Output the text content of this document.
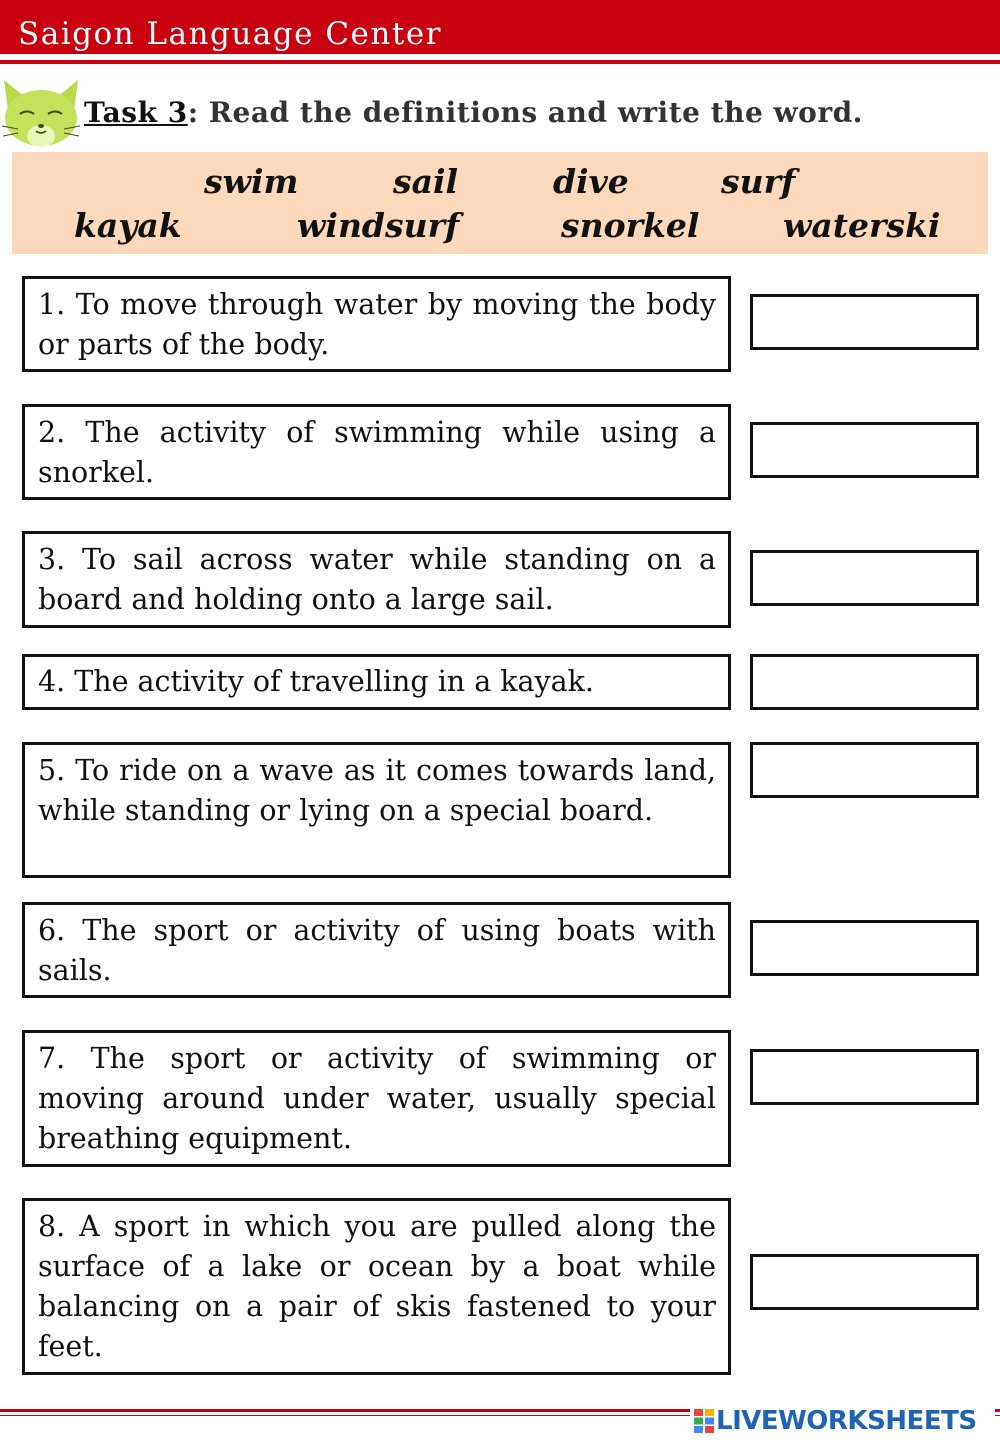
Saigon Language Center
Task 3: Read the definitions and write the word.
swim	sail	dive	surf
kayak	windsurf	snorkel	waterski
1. To move through water by moving the body or parts of the body.
2. The activity of swimming while using a snorkel.
3. To sail across water while standing on a board and holding onto a large sail.
4. The activity of travelling in a kayak.
5. To ride on a wave as it comes towards land, while standing or lying on a special board.
6. The sport or activity of using boats with sails.
7. The sport or activity of swimming or moving around under water, usually special breathing equipment.
8. A sport in which you are pulled along the surface of a lake or ocean by a boat while balancing on a pair of skis fastened to your feet.
LIVEWORKSHEETS
